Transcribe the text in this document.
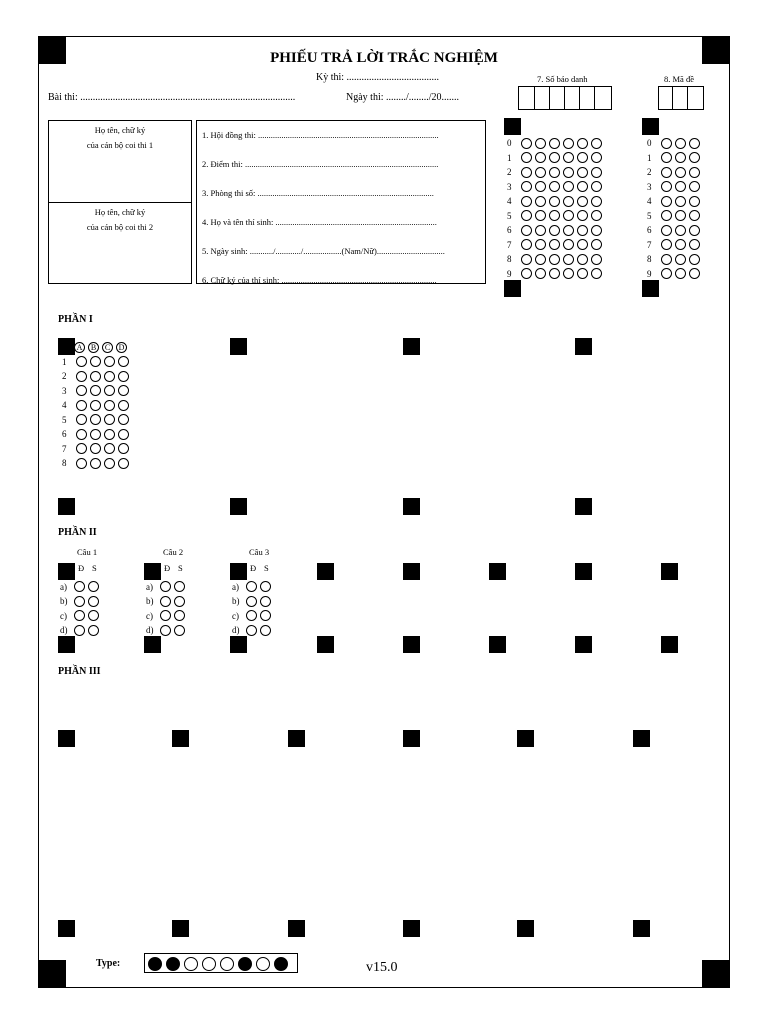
PHIẾU TRẢ LỜI TRẮC NGHIỆM
Kỳ thi: .....................................
Bài thi: ......................................................................................	Ngày thi: ......../......../20.......
Họ tên, chữ ký
của cán bộ coi thi 1
Họ tên, chữ ký
của cán bộ coi thi 2
1. Hội đồng thi: .....................................................................................
2. Điểm thi: ...........................................................................................
3. Phòng thi số: ...................................................................................
4. Họ và tên thí sinh: ............................................................................
5. Ngày sinh: .........../............/..................(Nam/Nữ)................................
6. Chữ ký của thí sinh: .........................................................................
7. Số báo danh
0
1
2
3
4
5
6
7
8
9
8. Mã đề
0
1
2
3
4
5
6
7
8
9
PHẦN I
A B C D
1
2
3
4
5
6
7
8
PHẦN II
Câu 1	Câu 2	Câu 3
Đ S
a)
b)
c)
d)
Đ S
a)
b)
c)
d)
Đ S
a)
b)
c)
d)
PHẦN III
Type:	v15.0
